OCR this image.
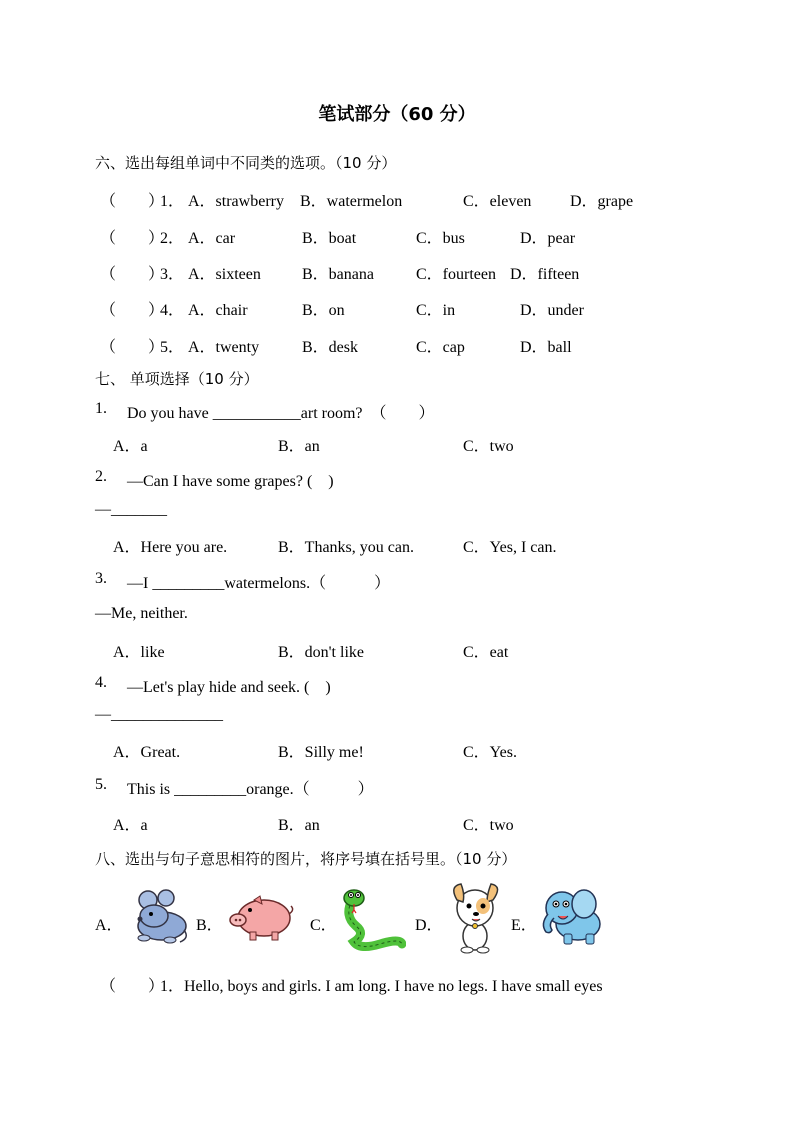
笔试部分（60 分）
六、选出每组单词中不同类的选项。（10 分）
（　　）
1． A．strawberry B．watermelon	C．eleven D．grape
（　　）
2． A．car	B．boat	C．bus	D．pear
（　　）
3． A．sixteen	B．banana	C．fourteen D．fifteen
（　　）
4． A．chair	B．on	C．in	D．under
（　　）
5． A．twenty	B．desk	C．cap	D．ball
七、 单项选择（10 分）
1. Do you have ___________art room?　（　　）
A．a	B．an	C．two
2. —Can I have some grapes? (　)
—_______
A．Here you are.	B．Thanks, you can.	C．Yes, I can.
3. —I _________watermelons.（　　　）
—Me, neither.
A．like	B．don't like	C．eat
4. —Let's play hide and seek. (　)
—______________
A．Great.	B．Silly me!	C．Yes.
5. This is _________orange.（　　　）
A．a	B．an	C．two
八、选出与句子意思相符的图片，将序号填在括号里。（10 分）
A．	B．	C．	D．	E．
（　　）
1．Hello, boys and girls. I am long. I have no legs. I have small eyes
